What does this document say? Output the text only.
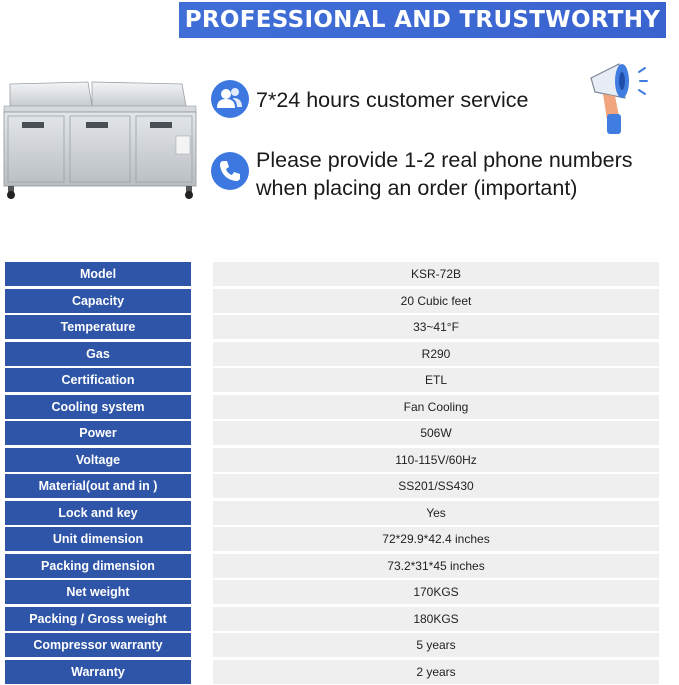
PROFESSIONAL AND TRUSTWORTHY
7*24 hours customer service
Please provide 1-2 real phone numbers
when placing an order (important)
Model	KSR-72B
Capacity	20 Cubic feet
Temperature	33~41°F
Gas	R290
Certification	ETL
Cooling system	Fan Cooling
Power	506W
Voltage	110-115V/60Hz
Material(out and in )	SS201/SS430
Lock and key	Yes
Unit dimension	72*29.9*42.4 inches
Packing dimension	73.2*31*45 inches
Net weight	170KGS
Packing / Gross weight	180KGS
Compressor warranty	5 years
Warranty	2 years
